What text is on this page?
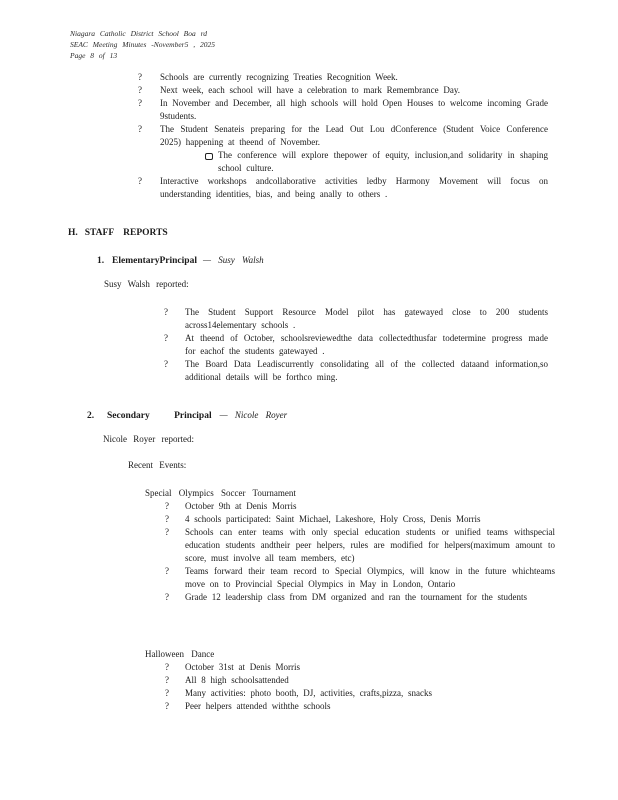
Niagara Catholic District School Boa rd
SEAC Meeting Minutes -November5 , 2025
Page 8 of 13
?	Schools are currently recognizing Treaties Recognition Week.
?	Next week, each school will have a celebration to mark Remembrance Day.
?	In November and December, all high schools will hold Open Houses to welcome incoming Grade 9students.
?	The Student Senateis preparing for the Lead Out Lou dConference (Student Voice Conference 2025) happening at theend of November.
The conference will explore thepower of equity, inclusion,and solidarity in shaping school culture.
?	Interactive workshops andcollaborative activities ledby Harmony Movement will focus on understanding identities, bias, and being anally to others .
H. STAFF REPORTS
1. ElementaryPrincipal — Susy Walsh
Susy Walsh reported:
?	The Student Support Resource Model pilot has gatewayed close to 200 students across14elementary schools .
?	At theend of October, schoolsreviewedthe data collectedthusfar todetermine progress made for eachof the students gatewayed .
?	The Board Data Leadiscurrently consolidating all of the collected dataand information,so additional details will be forthco ming.
2. Secondary Principal — Nicole Royer
Nicole Royer reported:
Recent Events:
Special Olympics Soccer Tournament
?	October 9th at Denis Morris
?	4 schools participated: Saint Michael, Lakeshore, Holy Cross, Denis Morris
?	Schools can enter teams with only special education students or unified teams withspecial education students andtheir peer helpers, rules are modified for helpers(maximum amount to score, must involve all team members, etc)
?	Teams forward their team record to Special Olympics, will know in the future whichteams move on to Provincial Special Olympics in May in London, Ontario
?	Grade 12 leadership class from DM organized and ran the tournament for the students
Halloween Dance
?	October 31st at Denis Morris
?	All 8 high schoolsattended
?	Many activities: photo booth, DJ, activities, crafts,pizza, snacks
?	Peer helpers attended withthe schools
